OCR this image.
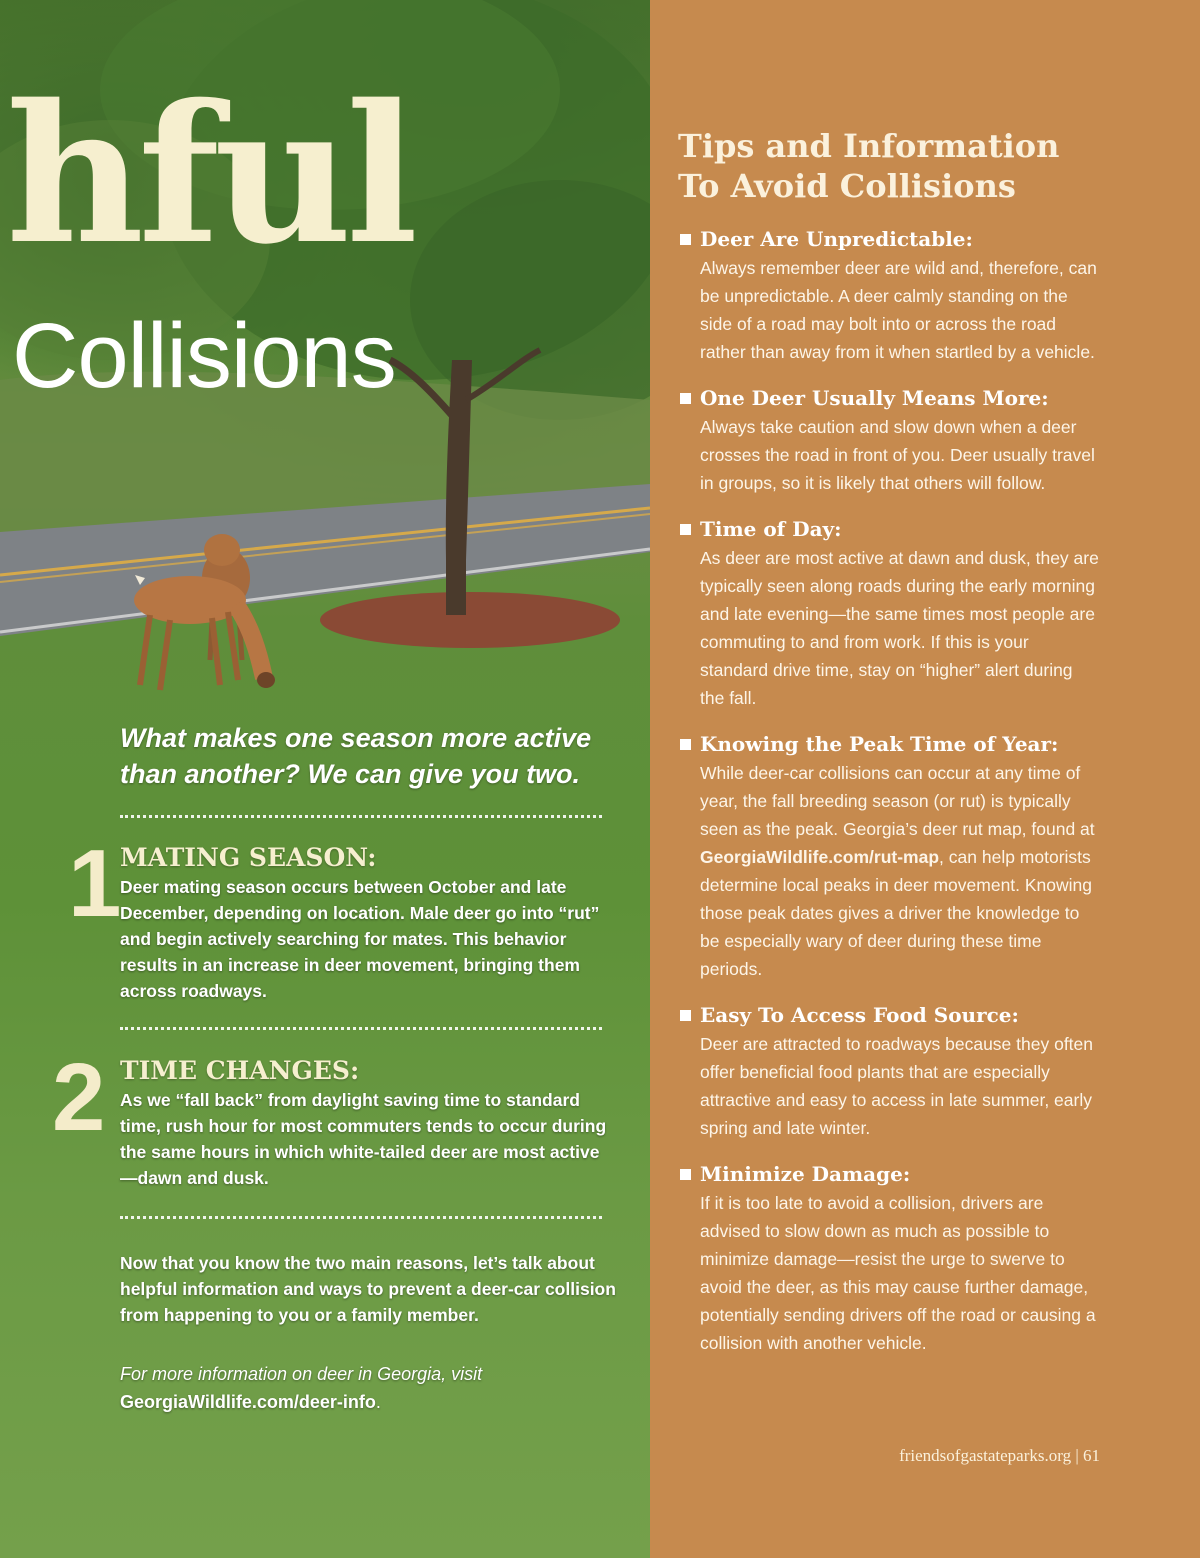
hful
Collisions

What makes one season more active than another? We can give you two.

1

MATING SEASON:

Deer mating season occurs between October and late December, depending on location. Male deer go into “rut” and begin actively searching for mates. This behavior results in an increase in deer movement, bringing them across roadways.

2 TIME CHANGES:

As we “fall back” from daylight saving time to standard time, rush hour for most commuters tends to occur during the same hours in which white-tailed deer are most active—dawn and dusk.

Now that you know the two main reasons, let’s talk about helpful information and ways to prevent a deer-car collision from happening to you or a family member.

For more information on deer in Georgia, visit
GeorgiaWildlife.com/deer-info.

Tips and Information
To Avoid Collisions

Deer Are Unpredictable:

Always remember deer are wild and, therefore, can be unpredictable. A deer calmly standing on the side of a road may bolt into or across the road rather than away from it when startled by a vehicle.

One Deer Usually Means More:

Always take caution and slow down when a deer crosses the road in front of you. Deer usually travel in groups, so it is likely that others will follow.

Time of Day:

As deer are most active at dawn and dusk, they are typically seen along roads during the early morning and late evening—the same times most people are commuting to and from work. If this is your standard drive time, stay on “higher” alert during the fall.

Knowing the Peak Time of Year:

While deer-car collisions can occur at any time of year, the fall breeding season (or rut) is typically seen as the peak. Georgia’s deer rut map, found at GeorgiaWildlife.com/rut-map, can help motorists determine local peaks in deer movement. Knowing those peak dates gives a driver the knowledge to be especially wary of deer during these time periods.

Easy To Access Food Source:

Deer are attracted to roadways because they often offer beneficial food plants that are especially attractive and easy to access in late summer, early spring and late winter.

Minimize Damage:

If it is too late to avoid a collision, drivers are advised to slow down as much as possible to minimize damage—resist the urge to swerve to avoid the deer, as this may cause further damage, potentially sending drivers off the road or causing a collision with another vehicle.

friendsofgastateparks.org | 61
